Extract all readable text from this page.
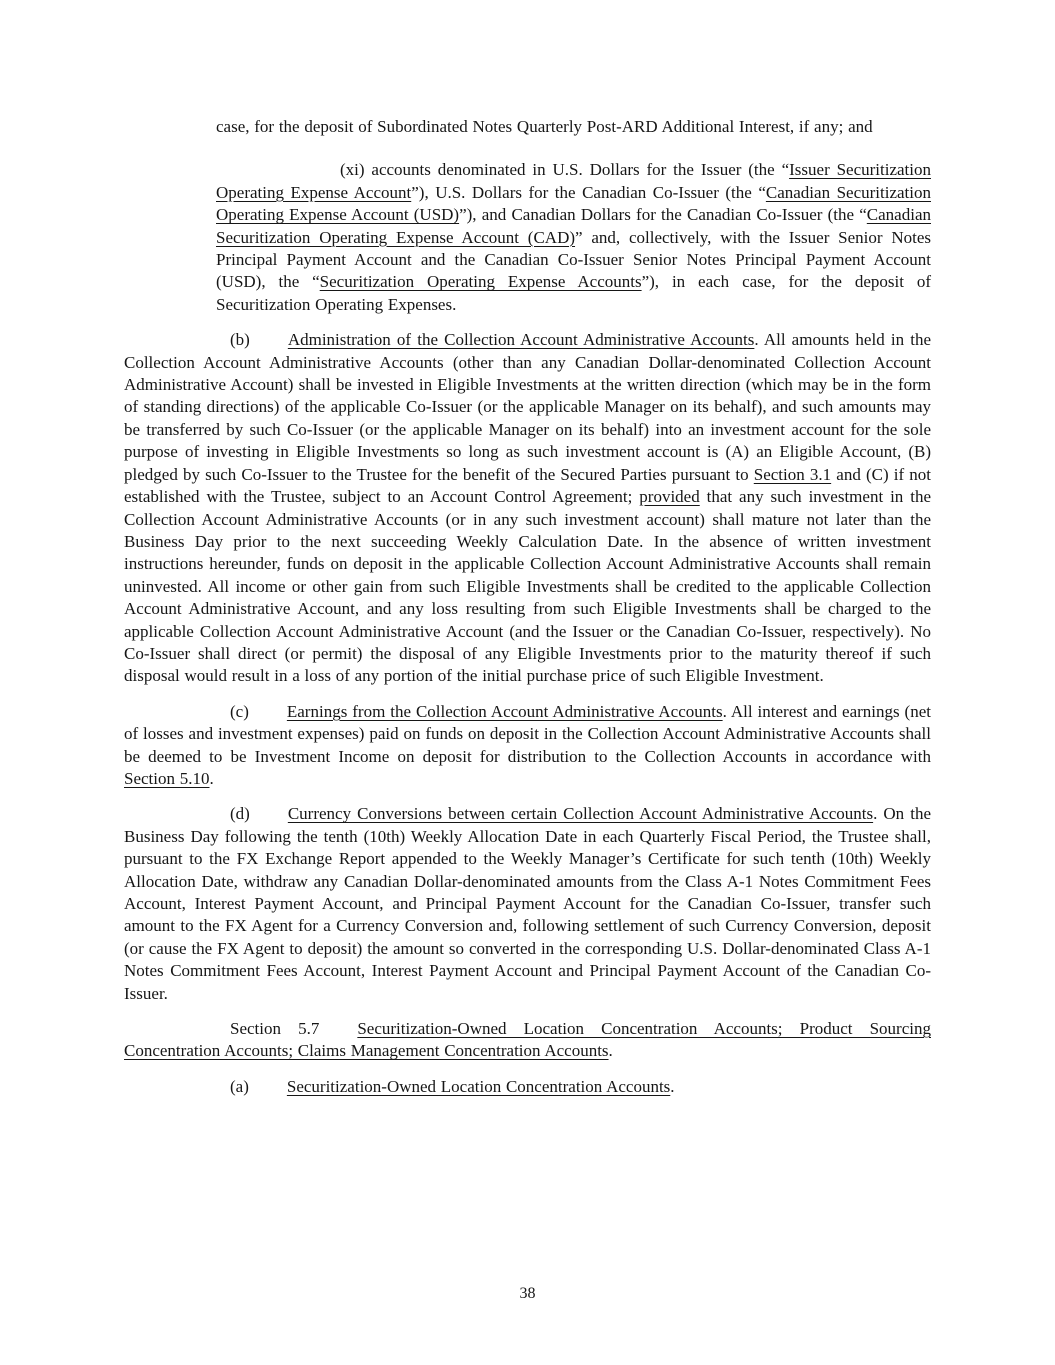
case, for the deposit of Subordinated Notes Quarterly Post-ARD Additional Interest, if any; and

(xi) accounts denominated in U.S. Dollars for the Issuer (the “Issuer Securitization Operating Expense Account”), U.S. Dollars for the Canadian Co-Issuer (the “Canadian Securitization Operating Expense Account (USD)”), and Canadian Dollars for the Canadian Co-Issuer (the “Canadian Securitization Operating Expense Account (CAD)” and, collectively, with the Issuer Senior Notes Principal Payment Account and the Canadian Co-Issuer Senior Notes Principal Payment Account (USD), the “Securitization Operating Expense Accounts”), in each case, for the deposit of Securitization Operating Expenses.

(b) Administration of the Collection Account Administrative Accounts. All amounts held in the Collection Account Administrative Accounts (other than any Canadian Dollar-denominated Collection Account Administrative Account) shall be invested in Eligible Investments at the written direction (which may be in the form of standing directions) of the applicable Co-Issuer (or the applicable Manager on its behalf), and such amounts may be transferred by such Co-Issuer (or the applicable Manager on its behalf) into an investment account for the sole purpose of investing in Eligible Investments so long as such investment account is (A) an Eligible Account, (B) pledged by such Co-Issuer to the Trustee for the benefit of the Secured Parties pursuant to Section 3.1 and (C) if not established with the Trustee, subject to an Account Control Agreement; provided that any such investment in the Collection Account Administrative Accounts (or in any such investment account) shall mature not later than the Business Day prior to the next succeeding Weekly Calculation Date. In the absence of written investment instructions hereunder, funds on deposit in the applicable Collection Account Administrative Accounts shall remain uninvested. All income or other gain from such Eligible Investments shall be credited to the applicable Collection Account Administrative Account, and any loss resulting from such Eligible Investments shall be charged to the applicable Collection Account Administrative Account (and the Issuer or the Canadian Co-Issuer, respectively). No Co-Issuer shall direct (or permit) the disposal of any Eligible Investments prior to the maturity thereof if such disposal would result in a loss of any portion of the initial purchase price of such Eligible Investment.

(c) Earnings from the Collection Account Administrative Accounts. All interest and earnings (net of losses and investment expenses) paid on funds on deposit in the Collection Account Administrative Accounts shall be deemed to be Investment Income on deposit for distribution to the Collection Accounts in accordance with Section 5.10.

(d) Currency Conversions between certain Collection Account Administrative Accounts. On the Business Day following the tenth (10th) Weekly Allocation Date in each Quarterly Fiscal Period, the Trustee shall, pursuant to the FX Exchange Report appended to the Weekly Manager’s Certificate for such tenth (10th) Weekly Allocation Date, withdraw any Canadian Dollar-denominated amounts from the Class A-1 Notes Commitment Fees Account, Interest Payment Account, and Principal Payment Account for the Canadian Co-Issuer, transfer such amount to the FX Agent for a Currency Conversion and, following settlement of such Currency Conversion, deposit (or cause the FX Agent to deposit) the amount so converted in the corresponding U.S. Dollar-denominated Class A-1 Notes Commitment Fees Account, Interest Payment Account and Principal Payment Account of the Canadian Co-Issuer.

Section 5.7 Securitization-Owned Location Concentration Accounts; Product Sourcing Concentration Accounts; Claims Management Concentration Accounts.

(a) Securitization-Owned Location Concentration Accounts.

38
